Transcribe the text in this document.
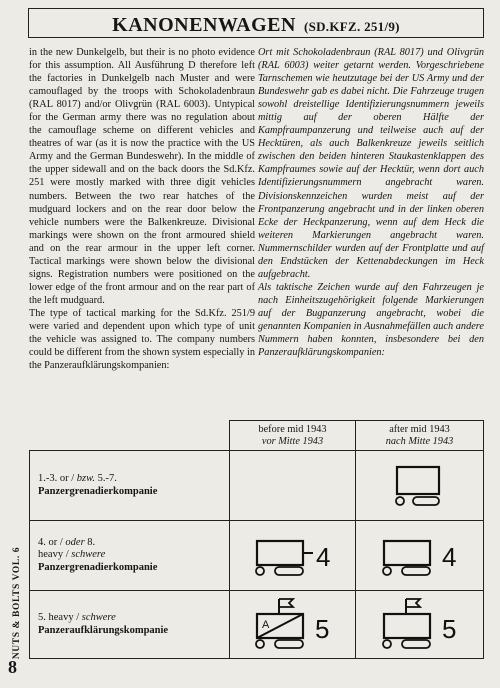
KANONENWAGEN (SD.KFZ. 251/9)

in the new Dunkelgelb, but their is no photo evidence for this assumption. All Ausführung D therefore left the factories in Dunkelgelb nach Muster and were camouflaged by the troops with Schokoladenbraun (RAL 8017) and/or Olivgrün (RAL 6003). Untypical for the German army there was no regulation about the camouflage scheme on different vehicles and theatres of war (as it is now the practice with the US Army and the German Bundeswehr). In the middle of the upper sidewall and on the back doors the Sd.Kfz. 251 were mostly marked with three digit vehicles numbers. Between the two rear hatches of the mudguard lockers and on the rear door below the vehicle numbers were the Balkenkreuze. Divisional markings were shown on the front armoured shield and on the rear armour in the upper left corner. Tactical markings were shown below the divisional signs. Registration numbers were positioned on the lower edge of the front armour and on the rear part of the left mudguard.

The type of tactical marking for the Sd.Kfz. 251/9 were varied and dependent upon which type of unit the vehicle was assigned to. The company numbers could be different from the shown system especially in the Panzeraufklärungskompanien:

Ort mit Schokoladenbraun (RAL 8017) und Olivgrün (RAL 6003) weiter getarnt werden. Vorgeschriebene Tarnschemen wie heutzutage bei der US Army und der Bundeswehr gab es dabei nicht. Die Fahrzeuge trugen sowohl dreistellige Identifizierungsnummern jeweils mittig auf der oberen Hälfte der Kampfraumpanzerung und teilweise auch auf der Hecktüren, als auch Balkenkreuze jeweils seitlich zwischen den beiden hinteren Staukastenklappen des Kampfraumes sowie auf der Hecktür, wenn dort auch Identifizierungsnummern angebracht waren. Divisionskennzeichen wurden meist auf der Frontpanzerung angebracht und in der linken oberen Ecke der Heckpanzerung, wenn auf dem Heck die weiteren Markierungen angebracht waren. Nummernschilder wurden auf der Frontplatte und auf den Endstücken der Kettenabdeckungen im Heck aufgebracht.

Als taktische Zeichen wurde auf den Fahrzeugen je nach Einheitszugehörigkeit folgende Markierungen auf der Bugpanzerung angebracht, wobei die genannten Kompanien in Ausnahmefällen auch andere Nummern haben konnten, insbesondere bei den Panzeraufklärungskompanien:

	before mid 1943
vor Mitte 1943	after mid 1943
nach Mitte 1943
1.-3. or / bzw. 5.-7.
Panzergrenadierkompanie		

4. or / oder 8.
heavy / schwere
Panzergrenadierkompanie	4	4

5. heavy / schwere
Panzeraufklärungskompanie	A 5	5
NUTS & BOLTS VOL. 6
8
